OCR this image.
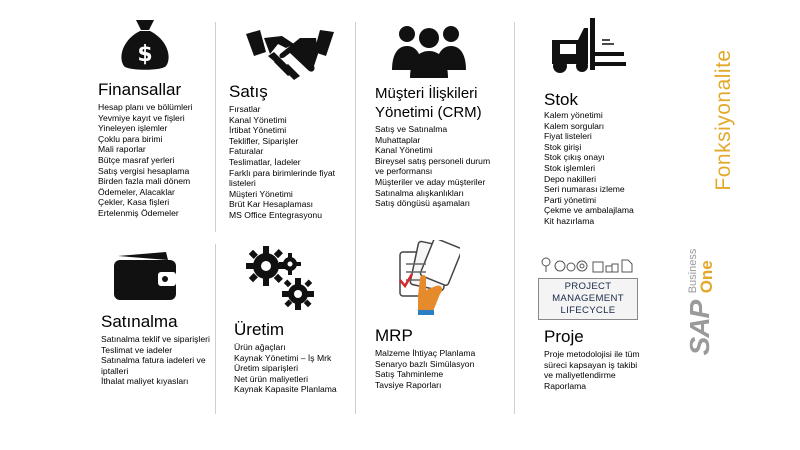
$
Finansallar
Hesap planı ve bölümleri
Yevmiye kayıt ve fişleri
Yineleyen işlemler
Çoklu para birimi
Mali raporlar
Bütçe masraf yerleri
Satış vergisi hesaplama
Birden fazla mali dönem
Ödemeler, Alacaklar
Çekler, Kasa fişleri
Ertelenmiş Ödemeler
Satınalma
Satınalma teklif ve siparişleri
Teslimat ve iadeler
Satınalma fatura iadeleri ve iptalleri
İthalat maliyet kıyasları
Satış
Fırsatlar
Kanal Yönetimi
İrtibat Yönetimi
Teklifler, Siparişler
Faturalar
Teslimatlar, İadeler
Farklı para birimlerinde fiyat listeleri
Müşteri Yönetimi
Brüt Kar Hesaplaması
MS Office Entegrasyonu
Üretim
Ürün ağaçları
Kaynak Yönetimi – İş Mrk
Üretim siparişleri
Net ürün maliyetleri
Kaynak Kapasite Planlama
Müşteri İlişkileri
Yönetimi (CRM)
Satış ve Satınalma
Muhattaplar
Kanal Yönetimi
Bireysel satış personeli durum ve performansı
Müşteriler ve aday müşteriler
Satınalma alışkanlıkları
Satış döngüsü aşamaları
MRP
Malzeme İhtiyaç Planlama
Senaryo bazlı Simülasyon
Satış Tahminleme
Tavsiye Raporları
Stok
Kalem yönetimi
Kalem sorguları
Fiyat listeleri
Stok girişi
Stok çıkış onayı
Stok işlemleri
Depo nakilleri
Seri numarası izleme
Parti yönetimi
Çekme ve ambalajlama
Kit hazırlama
PROJECT
MANAGEMENT
LIFECYCLE
Proje
Proje metodolojisi ile tüm süreci kapsayan iş takibi ve maliyetlendirme
Raporlama
Fonksiyonalite
SAP
Business
One
